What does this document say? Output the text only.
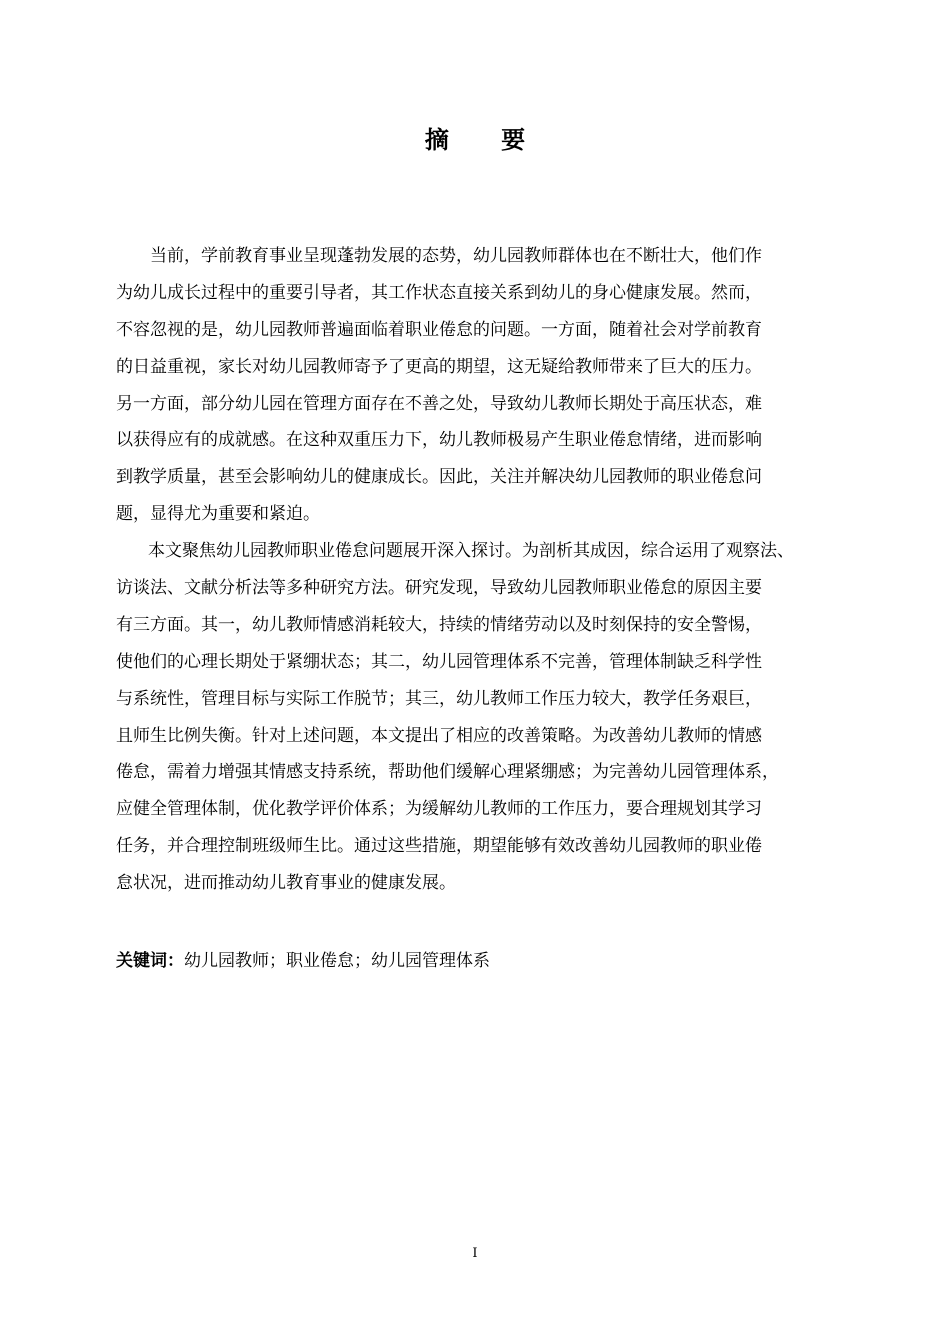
摘 要
当前，学前教育事业呈现蓬勃发展的态势，幼儿园教师群体也在不断壮大，他们作
为幼儿成长过程中的重要引导者，其工作状态直接关系到幼儿的身心健康发展。然而，
不容忽视的是，幼儿园教师普遍面临着职业倦怠的问题。一方面，随着社会对学前教育
的日益重视，家长对幼儿园教师寄予了更高的期望，这无疑给教师带来了巨大的压力。
另一方面，部分幼儿园在管理方面存在不善之处，导致幼儿教师长期处于高压状态，难
以获得应有的成就感。在这种双重压力下，幼儿教师极易产生职业倦怠情绪，进而影响
到教学质量，甚至会影响幼儿的健康成长。因此，关注并解决幼儿园教师的职业倦怠问
题，显得尤为重要和紧迫。
本文聚焦幼儿园教师职业倦怠问题展开深入探讨。为剖析其成因，综合运用了观察法、
访谈法、文献分析法等多种研究方法。研究发现，导致幼儿园教师职业倦怠的原因主要
有三方面。其一，幼儿教师情感消耗较大，持续的情绪劳动以及时刻保持的安全警惕，
使他们的心理长期处于紧绷状态；其二，幼儿园管理体系不完善，管理体制缺乏科学性
与系统性，管理目标与实际工作脱节；其三，幼儿教师工作压力较大，教学任务艰巨，
且师生比例失衡。针对上述问题，本文提出了相应的改善策略。为改善幼儿教师的情感
倦怠，需着力增强其情感支持系统，帮助他们缓解心理紧绷感；为完善幼儿园管理体系，
应健全管理体制，优化教学评价体系；为缓解幼儿教师的工作压力，要合理规划其学习
任务，并合理控制班级师生比。通过这些措施，期望能够有效改善幼儿园教师的职业倦
怠状况，进而推动幼儿教育事业的健康发展。
关键词：幼儿园教师；职业倦怠；幼儿园管理体系
I
